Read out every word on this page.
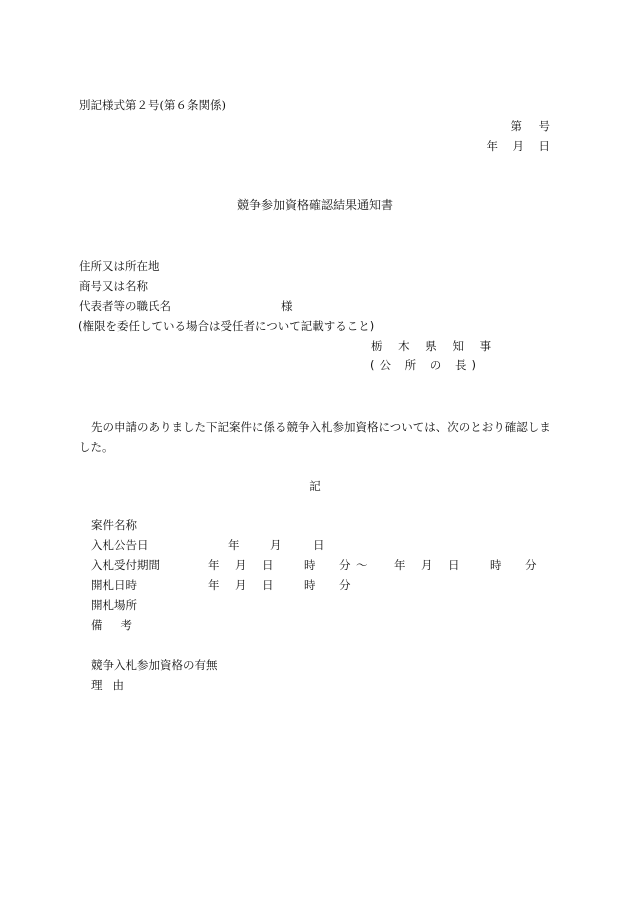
別記様式第２号(第６条関係)
第 号
年 月 日
競争参加資格確認結果通知書
住所又は所在地
商号又は名称
代表者等の職氏名	様
(権限を委任している場合は受任者について記載すること)
栃 木 県 知 事
(公 所 の 長)
先の申請のありました下記案件に係る競争入札参加資格については、次のとおり確認しました。
記
案件名称
入札公告日	年	月	日
入札受付期間	年 月 日	時 分 ～ 年 月 日	時 分
開札日時	年 月 日	時 分
開札場所
備考
競争入札参加資格の有無
理由
